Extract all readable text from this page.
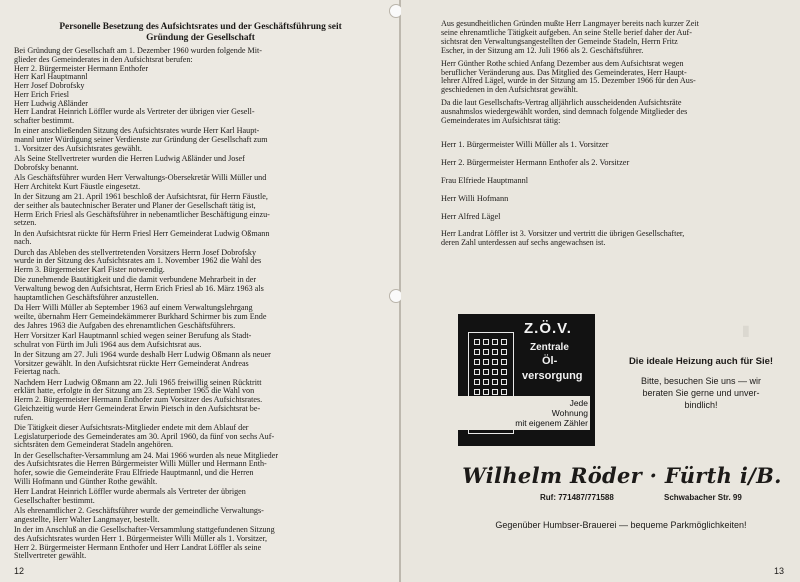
Personelle Besetzung des Aufsichtsrates und der Geschäftsführung seit
Gründung der Gesellschaft

Bei Gründung der Gesellschaft am 1. Dezember 1960 wurden folgende Mit-
glieder des Gemeinderates in den Aufsichtsrat berufen:
Herr 2. Bürgermeister Hermann Enthofer
Herr Karl Hauptmannl
Herr Josef Dobrofsky
Herr Erich Friesl
Herr Ludwig Aßländer
Herr Landrat Heinrich Löffler wurde als Vertreter der übrigen vier Gesell-
schafter bestimmt.

In einer anschließenden Sitzung des Aufsichtsrates wurde Herr Karl Haupt-
mannl unter Würdigung seiner Verdienste zur Gründung der Gesellschaft zum
1. Vorsitzer des Aufsichtsrates gewählt.

Als Seine Stellvertreter wurden die Herren Ludwig Aßländer und Josef
Dobrofsky benannt.

Als Geschäftsführer wurden Herr Verwaltungs-Obersekretär Willi Müller und
Herr Architekt Kurt Fäustle eingesetzt.

In der Sitzung am 21. April 1961 beschloß der Aufsichtsrat, für Herrn Fäustle,
der seither als bautechnischer Berater und Planer der Gesellschaft tätig ist,
Herrn Erich Friesl als Geschäftsführer in nebenamtlicher Beschäftigung einzu-
setzen.

In den Aufsichtsrat rückte für Herrn Friesl Herr Gemeinderat Ludwig Oßmann
nach.

Durch das Ableben des stellvertretenden Vorsitzers Herrn Josef Dobrofsky
wurde in der Sitzung des Aufsichtsrates am 1. November 1962 die Wahl des
Herrn 3. Bürgermeister Karl Fister notwendig.

Die zunehmende Bautätigkeit und die damit verbundene Mehrarbeit in der
Verwaltung bewog den Aufsichtsrat, Herrn Erich Friesl ab 16. März 1963 als
hauptamtlichen Geschäftsführer anzustellen.

Da Herr Willi Müller ab September 1963 auf einem Verwaltungslehrgang
weilte, übernahm Herr Gemeindekämmerer Burkhard Schirmer bis zum Ende
des Jahres 1963 die Aufgaben des ehrenamtlichen Geschäftsführers.

Herr Vorsitzer Karl Hauptmannl schied wegen seiner Berufung als Stadt-
schulrat von Fürth im Juli 1964 aus dem Aufsichtsrat aus.

In der Sitzung am 27. Juli 1964 wurde deshalb Herr Ludwig Oßmann als neuer
Vorsitzer gewählt. In den Aufsichtsrat rückte Herr Gemeinderat Andreas
Feiertag nach.

Nachdem Herr Ludwig Oßmann am 22. Juli 1965 freiwillig seinen Rücktritt
erklärt hatte, erfolgte in der Sitzung am 23. September 1965 die Wahl von
Herrn 2. Bürgermeister Hermann Enthofer zum Vorsitzer des Aufsichtsrates.
Gleichzeitig wurde Herr Gemeinderat Erwin Pietsch in den Aufsichtsrat be-
rufen.

Die Tätigkeit dieser Aufsichtsrats-Mitglieder endete mit dem Ablauf der
Legislaturperiode des Gemeinderates am 30. April 1960, da fünf von sechs Auf-
sichtsräten dem Gemeinderat Stadeln angehören.

In der Gesellschafter-Versammlung am 24. Mai 1966 wurden als neue Mitglieder
des Aufsichtsrates die Herren Bürgermeister Willi Müller und Hermann Enth-
hofer, sowie die Gemeinderäte Frau Elfriede Hauptmannl, und die Herren
Willi Hofmann und Günther Rothe gewählt.

Herr Landrat Heinrich Löffler wurde abermals als Vertreter der übrigen
Gesellschafter bestimmt.

Als ehrenamtlicher 2. Geschäftsführer wurde der gemeindliche Verwaltungs-
angestellte, Herr Walter Langmayer, bestellt.

In der im Anschluß an die Gesellschafter-Versammlung stattgefundenen Sitzung
des Aufsichtsrates wurden Herr 1. Bürgermeister Willi Müller als 1. Vorsitzer,
Herr 2. Bürgermeister Hermann Enthofer und Herr Landrat Löffler als seine
Stellvertreter gewählt.

12

Aus gesundheitlichen Gründen mußte Herr Langmayer bereits nach kurzer Zeit
seine ehrenamtliche Tätigkeit aufgeben. An seine Stelle berief daher der Auf-
sichtsrat den Verwaltungsangestellten der Gemeinde Stadeln, Herrn Fritz
Escher, in der Sitzung am 12. Juli 1966 als 2. Geschäftsführer.

Herr Günther Rothe schied Anfang Dezember aus dem Aufsichtsrat wegen
beruflicher Veränderung aus. Das Mitglied des Gemeinderates, Herr Haupt-
lehrer Alfred Lägel, wurde in der Sitzung am 15. Dezember 1966 für den Aus-
geschiedenen in den Aufsichtsrat gewählt.

Da die laut Gesellschafts-Vertrag alljährlich ausscheidenden Aufsichtsräte
ausnahmslos wiedergewählt worden, sind demnach folgende Mitglieder des
Gemeinderates im Aufsichtsrat tätig:

Herr 1. Bürgermeister Willi Müller als 1. Vorsitzer

Herr 2. Bürgermeister Hermann Enthofer als 2. Vorsitzer

Frau Elfriede Hauptmannl

Herr Willi Hofmann

Herr Alfred Lägel

Herr Landrat Löffler ist 3. Vorsitzer und vertritt die übrigen Gesellschafter,
deren Zahl unterdessen auf sechs angewachsen ist.

13
▮
Z.Ö.V.
Zentrale
Öl-
versorgung
Jede
Wohnung
mit eigenem Zähler
Die ideale Heizung auch für Sie!
Bitte, besuchen Sie uns — wir
beraten Sie gerne und unver-
bindlich!
Wilhelm Röder · Fürth i/B.
Ruf: 771487/771588	Schwabacher Str. 99
Gegenüber Humbser-Brauerei — bequeme Parkmöglichkeiten!
